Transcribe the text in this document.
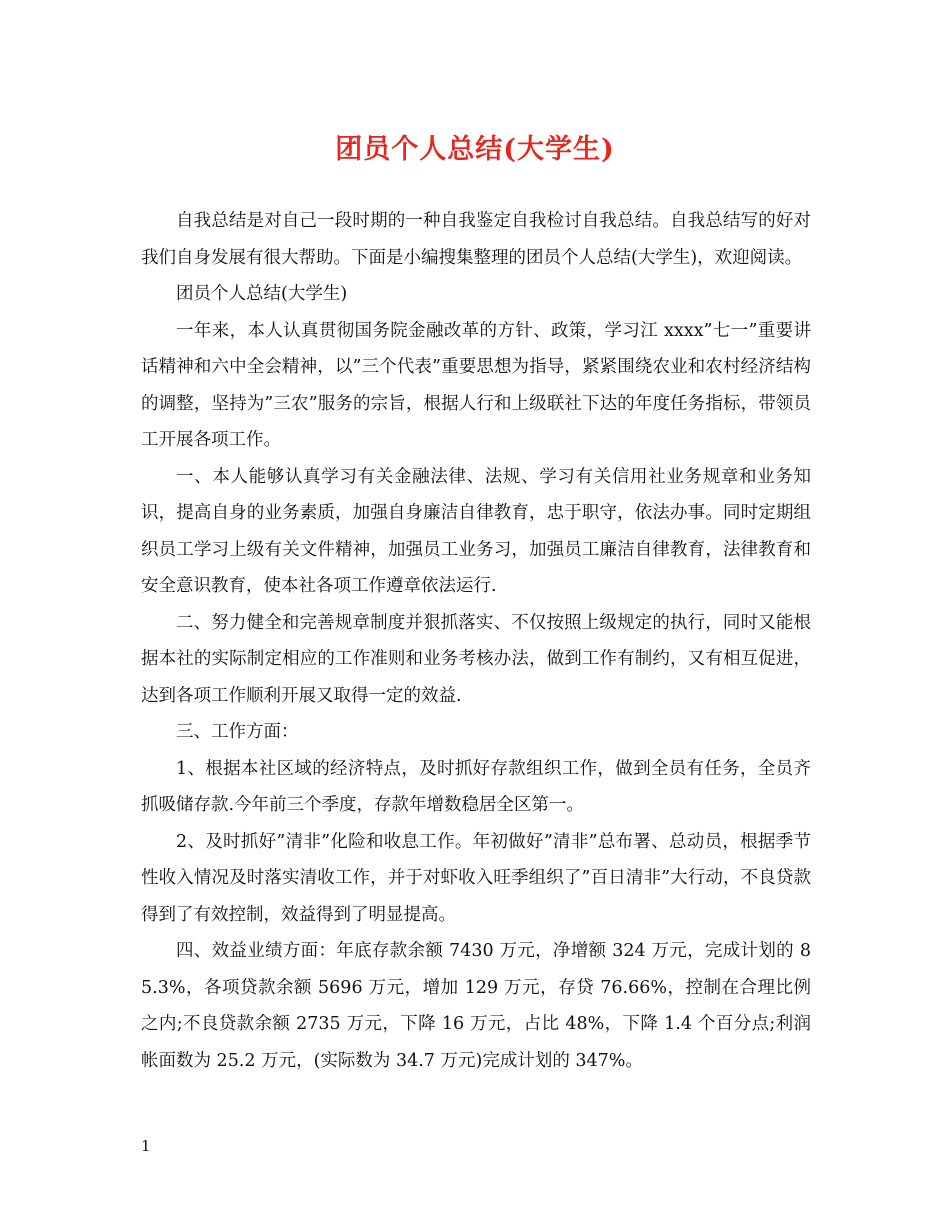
团员个人总结(大学生)

自我总结是对自己一段时期的一种自我鉴定自我检讨自我总结。自我总结写的好对我们自身发展有很大帮助。下面是小编搜集整理的团员个人总结(大学生)，欢迎阅读。

团员个人总结(大学生)

一年来，本人认真贯彻国务院金融改革的方针、政策，学习江 xxxx”七一”重要讲话精神和六中全会精神，以”三个代表”重要思想为指导，紧紧围绕农业和农村经济结构的调整，坚持为”三农”服务的宗旨，根据人行和上级联社下达的年度任务指标，带领员工开展各项工作。

一、本人能够认真学习有关金融法律、法规、学习有关信用社业务规章和业务知识，提高自身的业务素质，加强自身廉洁自律教育，忠于职守，依法办事。同时定期组织员工学习上级有关文件精神，加强员工业务习，加强员工廉洁自律教育，法律教育和安全意识教育，使本社各项工作遵章依法运行.

二、努力健全和完善规章制度并狠抓落实、不仅按照上级规定的执行，同时又能根据本社的实际制定相应的工作准则和业务考核办法，做到工作有制约，又有相互促进，达到各项工作顺利开展又取得一定的效益.

三、工作方面：

1、根据本社区域的经济特点，及时抓好存款组织工作，做到全员有任务，全员齐抓吸储存款.今年前三个季度，存款年增数稳居全区第一。

2、及时抓好”清非”化险和收息工作。年初做好”清非”总布署、总动员，根据季节性收入情况及时落实清收工作，并于对虾收入旺季组织了”百日清非”大行动，不良贷款得到了有效控制，效益得到了明显提高。

四、效益业绩方面：年底存款余额 7430 万元，净增额 324 万元，完成计划的 85.3%，各项贷款余额 5696 万元，增加 129 万元，存贷 76.66%，控制在合理比例之内;不良贷款余额 2735 万元，下降 16 万元，占比 48%，下降 1.4 个百分点;利润帐面数为 25.2 万元，(实际数为 34.7 万元)完成计划的 347%。

1
